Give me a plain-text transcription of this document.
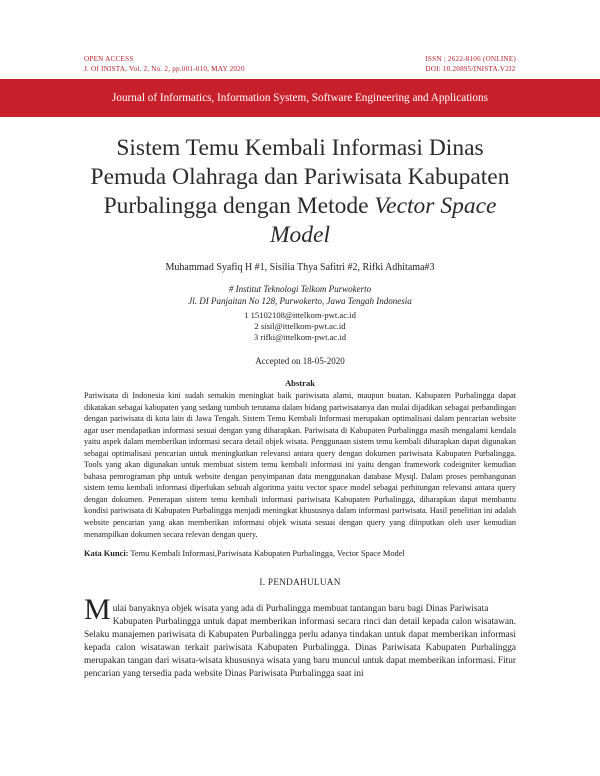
OPEN ACCESS
J. Of INISTA, Vol. 2, No. 2, pp.001-010, MAY 2020
ISSN : 2622-8106 (ONLINE)
DOI: 10.20895/INISTA.V2I2
Journal of Informatics, Information System, Software Engineering and Applications
Sistem Temu Kembali Informasi Dinas
Pemuda Olahraga dan Pariwisata Kabupaten
Purbalingga dengan Metode Vector Space
Model
Muhammad Syafiq H #1, Sisilia Thya Safitri #2, Rifki Adhitama#3
# Institut Teknologi Telkom Purwokerto
Jl. DI Panjaitan No 128, Purwokerto, Jawa Tengah Indonesia
1 15102108@ittelkom-pwt.ac.id
2 sisil@ittelkom-pwt.ac.id
3 rifki@ittelkom-pwt.ac.id
Accepted on 18-05-2020
Abstrak
Pariwisata di Indonesia kini sudah semakin meningkat baik pariwisata alami, maupun buatan. Kabupaten Purbalingga dapat dikatakan sebagai kabupaten yang sedang tumbuh terutama dalam bidang pariwisatanya dan mulai dijadikan sebagai perbandingan dengan pariwisata di kota lain di Jawa Tengah. Sistem Temu Kembali Informasi merupakan optimalisasi dalam pencarian website agar user mendapatkan informasi sesuai dengan yang diharapkan. Pariwisata di Kabupaten Purbalingga masih mengalami kendala yaitu aspek dalam memberikan informasi secara detail objek wisata. Penggunaan sistem temu kembali diharapkan dapat digunakan sebagai optimalisasi pencarian untuk meningkatkan relevansi antara query dengan dokumen pariwisata Kabupaten Purbalingga. Tools yang akan digunakan untuk membuat sistem temu kembali informasi ini yaitu dengan framework codeigniter kemudian bahasa pemrograman php untuk website dengan penyimpanan data menggunakan database Mysql. Dalam proses pembangunan sistem temu kembali informasi diperlukan sebuah algoritma yaitu vector space model sebagai perhitungan relevansi antara query dengan dokumen. Penerapan sistem temu kembali informasi pariwisata Kabupaten Purbalingga, diharapkan dapat membantu kondisi pariwisata di Kabupaten Purbalingga menjadi meningkat khususnya dalam informasi pariwisata. Hasil penelitian ini adalah website pencarian yang akan memberikan informasi objek wisata sesuai dengan query yang diinputkan oleh user kemudian menampilkan dokumen secara relevan dengan query.
Kata Kunci: Temu Kembali Informasi,Pariwisata Kabupaten Purbalingga, Vector Space Model
I. PENDAHULUAN
M ulai banyaknya objek wisata yang ada di Purbalingga membuat tantangan baru bagi Dinas Pariwisata
Kabupaten Purbalingga untuk dapat memberikan informasi secara rinci dan detail kepada calon wisatawan. Selaku manajemen pariwisata di Kabupaten Purbalingga perlu adanya tindakan untuk dapat memberikan informasi kepada calon wisatawan terkait pariwisata Kabupaten Purbalingga. Dinas Pariwisata Kabupaten Purbalingga merupakan tangan dari wisata-wisata khususnya wisata yang baru muncul untuk dapat memberikan informasi. Fitur pencarian yang tersedia pada website Dinas Pariwisata Purbalingga saat ini
